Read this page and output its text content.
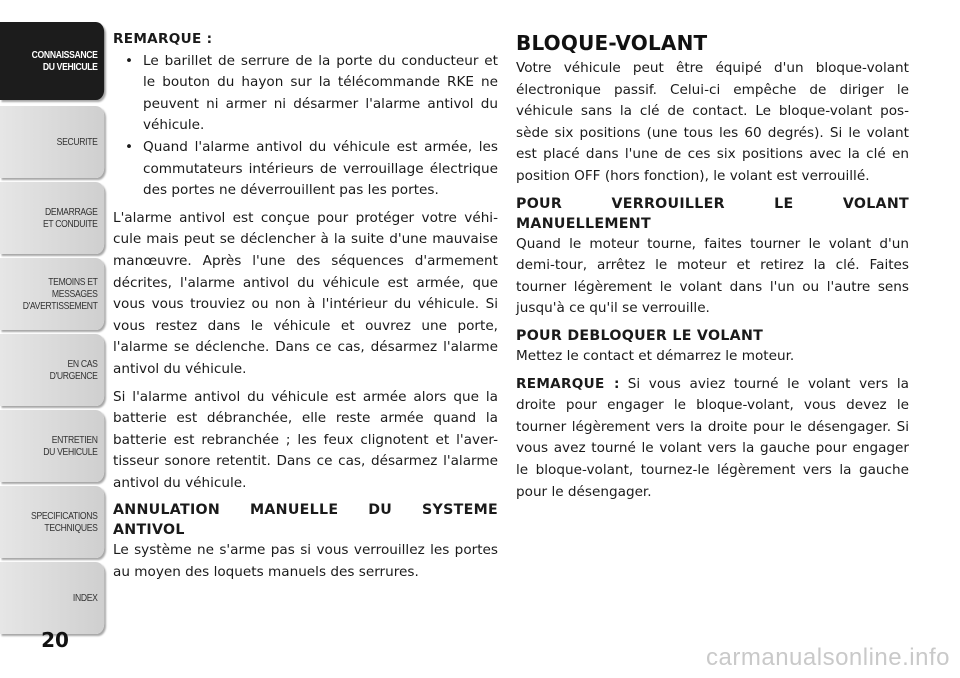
CONNAISSANCE
DU VEHICULE
SECURITE
DEMARRAGE
ET CONDUITE
TEMOINS ET
MESSAGES
D'AVERTISSEMENT
EN CAS
D'URGENCE
ENTRETIEN
DU VEHICULE
SPECIFICATIONS
TECHNIQUES
INDEX
20
REMARQUE :
• Le barillet de serrure de la porte du conducteur et le bouton du hayon sur la télécommande RKE ne peuvent ni armer ni désarmer l'alarme antivol du véhicule.
• Quand l'alarme antivol du véhicule est armée, les commutateurs intérieurs de verrouillage électrique des portes ne déverrouillent pas les portes.

L'alarme antivol est conçue pour protéger votre véhi-cule mais peut se déclencher à la suite d'une mauvaise manœuvre. Après l'une des séquences d'armement décrites, l'alarme antivol du véhicule est armée, que vous vous trouviez ou non à l'intérieur du véhicule. Si vous restez dans le véhicule et ouvrez une porte, l'alarme se déclenche. Dans ce cas, désarmez l'alarme antivol du véhicule.

Si l'alarme antivol du véhicule est armée alors que la batterie est débranchée, elle reste armée quand la batterie est rebranchée ; les feux clignotent et l'aver-tisseur sonore retentit. Dans ce cas, désarmez l'alarme antivol du véhicule.

ANNULATION MANUELLE DU SYSTEME ANTIVOL

Le système ne s'arme pas si vous verrouillez les portes au moyen des loquets manuels des serrures.

BLOQUE-VOLANT

Votre véhicule peut être équipé d'un bloque-volant électronique passif. Celui-ci empêche de diriger le véhicule sans la clé de contact. Le bloque-volant pos-sède six positions (une tous les 60 degrés). Si le volant est placé dans l'une de ces six positions avec la clé en position OFF (hors fonction), le volant est verrouillé.

POUR VERROUILLER LE VOLANT MANUELLEMENT

Quand le moteur tourne, faites tourner le volant d'un demi-tour, arrêtez le moteur et retirez la clé. Faites tourner légèrement le volant dans l'un ou l'autre sens jusqu'à ce qu'il se verrouille.

POUR DEBLOQUER LE VOLANT

Mettez le contact et démarrez le moteur.

REMARQUE : Si vous aviez tourné le volant vers la droite pour engager le bloque-volant, vous devez le tourner légèrement vers la droite pour le désengager. Si vous avez tourné le volant vers la gauche pour engager le bloque-volant, tournez-le légèrement vers la gauche pour le désengager.

carmanualsonline.info
